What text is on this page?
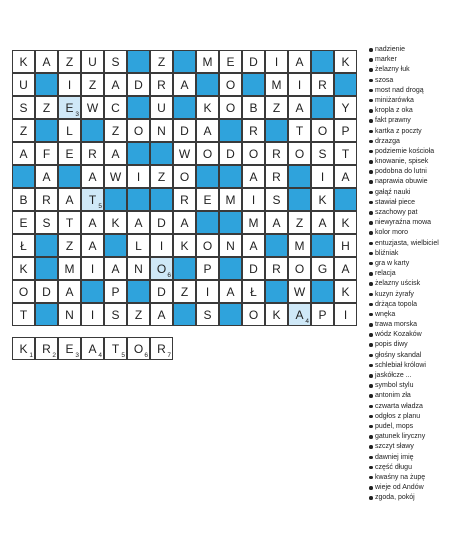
K A Z U S	Z	M E D I A	K
U	I Z A D R A	O	M I R
S Z E 3 W C	U	K O B Z A	Y
Z	L	Z O N D A	R	T O P
A F E R A	W O D O R O S T
A	A W I Z O	A R	I A
B R A T 5	R E M I S	K
E S T A K A D A	M A Z A K
Ł	Z A	L I K O N A	M	H
K	M I A N O 6	P	D R O G A
O D A	P	D Z I A Ł	W	K
T	N I S Z A	S	O K A 4 P I
K 1 R 2 E 3 A 4 T 5 O 6 R 7
nadzienie
marker
żelazny łuk
szosa
most nad drogą
miniżarówka
kropla z oka
fakt prawny
kartka z poczty
drzazga
podziemie kościoła
knowanie, spisek
podobna do lutni
naprawia obuwie
gałąź nauki
stawiał piece
szachowy pat
niewyraźna mowa
kolor moro
entuzjasta, wielbiciel
bliźniak
gra w karty
relacja
żelazny uścisk
kuzyn żyrafy
drżąca topola
wnęka
trawa morska
wódz Kozaków
popis diwy
głośny skandal
schlebiał królowi
jaskółcze ...
symbol stylu
antonim zła
czwarta władza
odgłos z planu
pudel, mops
gatunek liryczny
szczyt sławy
dawniej imię
część długu
kwaśny na żupę
wieje od Andów
zgoda, pokój
